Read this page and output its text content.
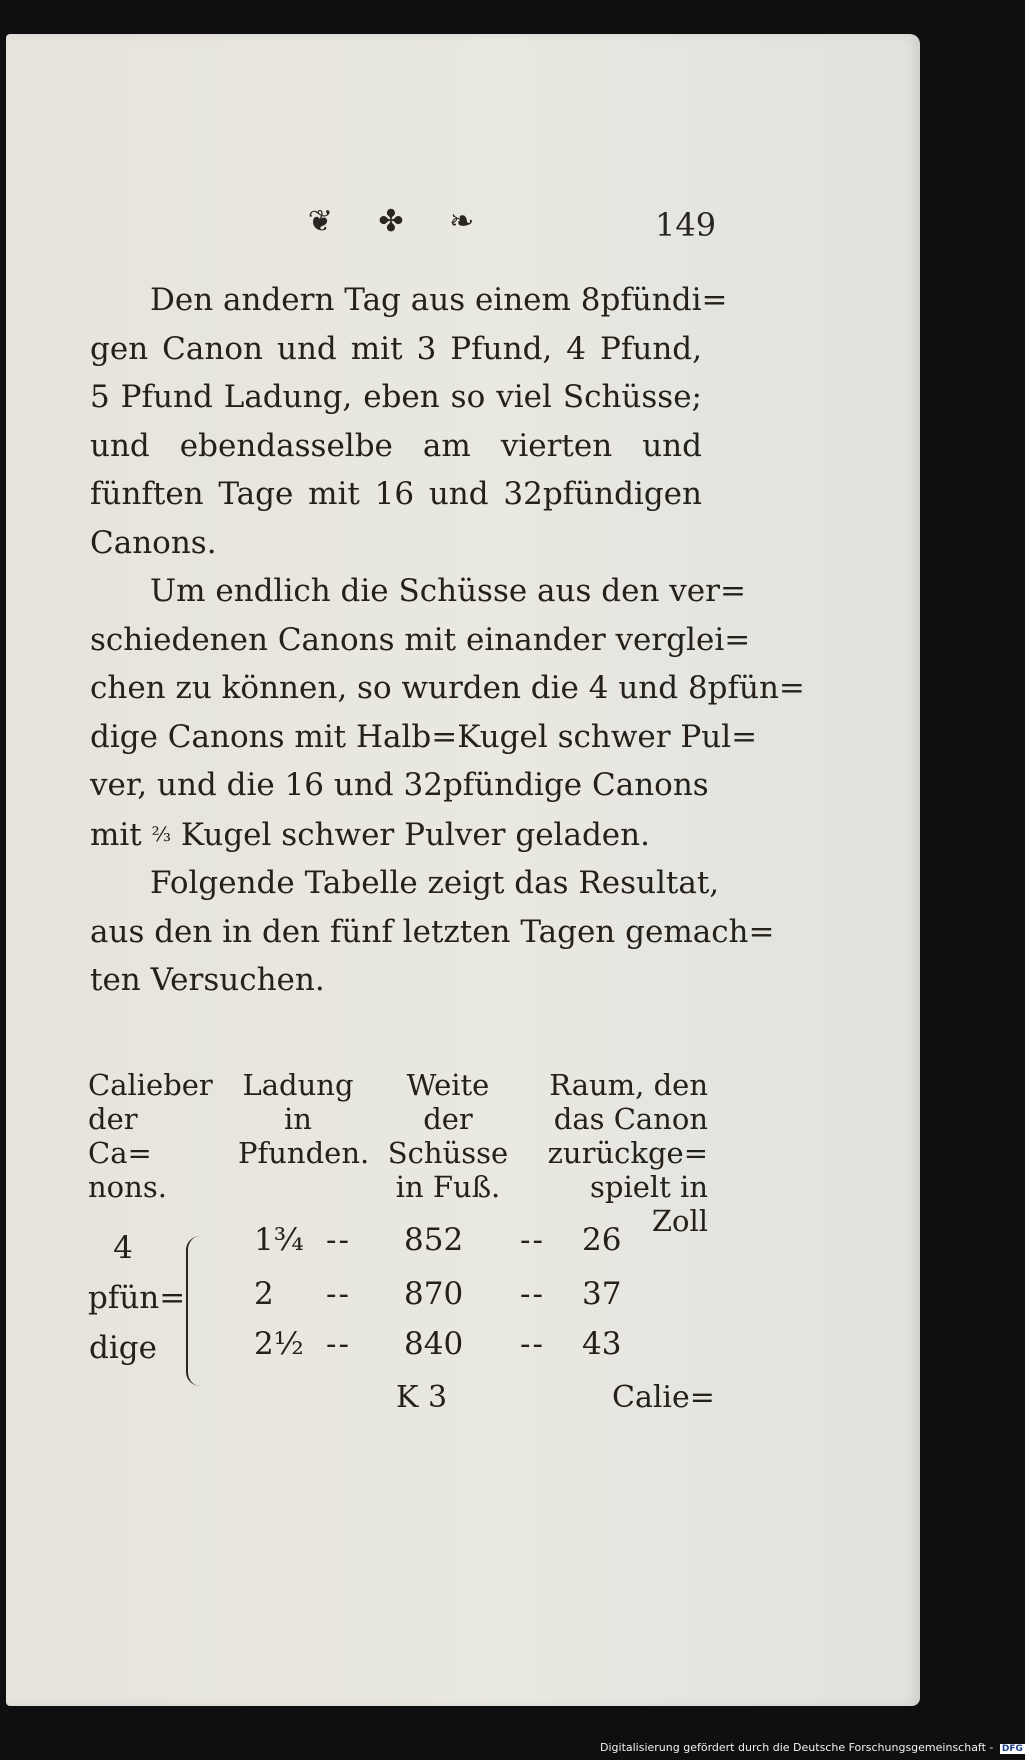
❦ ✤ ❧	149
Den andern Tag aus einem 8pfündi=
gen Canon und mit 3 Pfund, 4 Pfund,
5 Pfund Ladung, eben so viel Schüsse;
und ebendasselbe am vierten und
fünften Tage mit 16 und 32pfündigen
Canons.
Um endlich die Schüsse aus den ver=
schiedenen Canons mit einander verglei=
chen zu können, so wurden die 4 und 8pfün=
dige Canons mit Halb=Kugel schwer Pul=
ver, und die 16 und 32pfündige Canons
mit ⅔ Kugel schwer Pulver geladen.
Folgende Tabelle zeigt das Resultat,
aus den in den fünf letzten Tagen gemach=
ten Versuchen.
Calieber
der Ca=
nons.
Ladung
in
Pfunden.
Weite
der
Schüsse
in Fuß.
Raum, den
das Canon
zurückge=
spielt in Zoll
4
pfün=
dige
1¾ -- 852 -- 26
2 -- 870 -- 37
2½ -- 840 -- 43
K 3	Calie=
Digitalisierung gefördert durch die Deutsche Forschungsgemeinschaft - DFG
